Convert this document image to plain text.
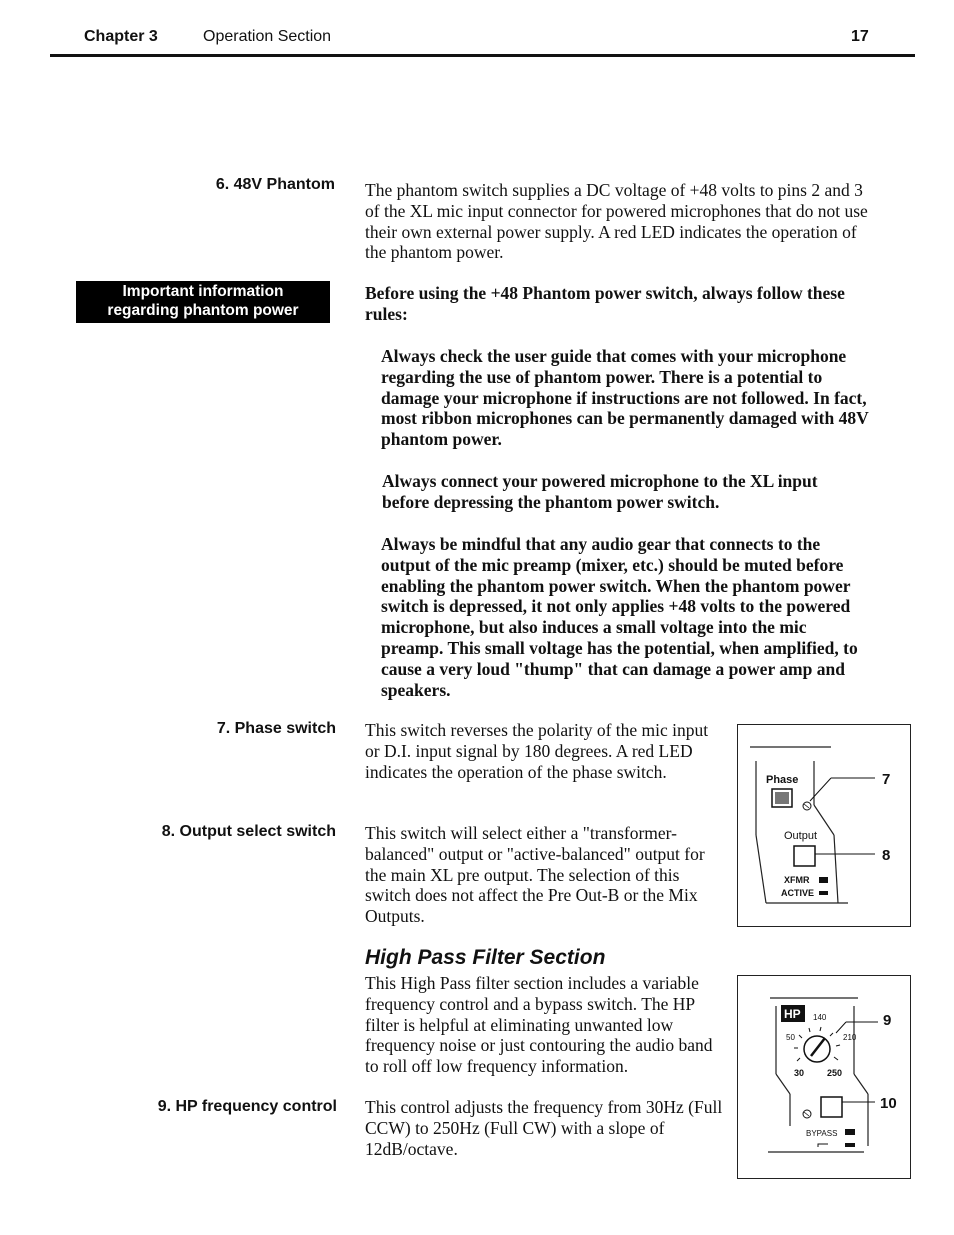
Chapter 3	Operation Section	17
6. 48V Phantom The phantom switch supplies a DC voltage of +48 volts to pins 2 and 3 of the XL mic input connector for powered microphones that do not use their own external power supply. A red LED indicates the operation of the phantom power.

Important information
regarding phantom power

Before using the +48 Phantom power switch, always follow these rules:

Always check the user guide that comes with your microphone regarding the use of phantom power. There is a potential to damage your microphone if instructions are not followed. In fact, most ribbon microphones can be permanently damaged with 48V phantom power.

Always connect your powered microphone to the XL input before depressing the phantom power switch.

Always be mindful that any audio gear that connects to the output of the mic preamp (mixer, etc.) should be muted before enabling the phantom power switch. When the phantom power switch is depressed, it not only applies +48 volts to the powered microphone, but also induces a small voltage into the mic preamp. This small voltage has the potential, when amplified, to cause a very loud "thump" that can damage a power amp and speakers.

7. Phase switch This switch reverses the polarity of the mic input or D.I. input signal by 180 degrees. A red LED indicates the operation of the phase switch.

8. Output select switch This switch will select either a "transformer-balanced" output or "active-balanced" output for the main XL pre output. The selection of this switch does not affect the Pre Out-B or the Mix Outputs.

Phase	7
Output
8
XFMR
ACTIVE
High Pass Filter Section

This High Pass filter section includes a variable frequency control and a bypass switch. The HP filter is helpful at eliminating unwanted low frequency noise or just contouring the audio band to roll off low frequency information.

9. HP frequency control This control adjusts the frequency from 30Hz (Full CCW) to 250Hz (Full CW) with a slope of 12dB/octave.

HP 140
50	210
30	250
9
10
BYPASS
